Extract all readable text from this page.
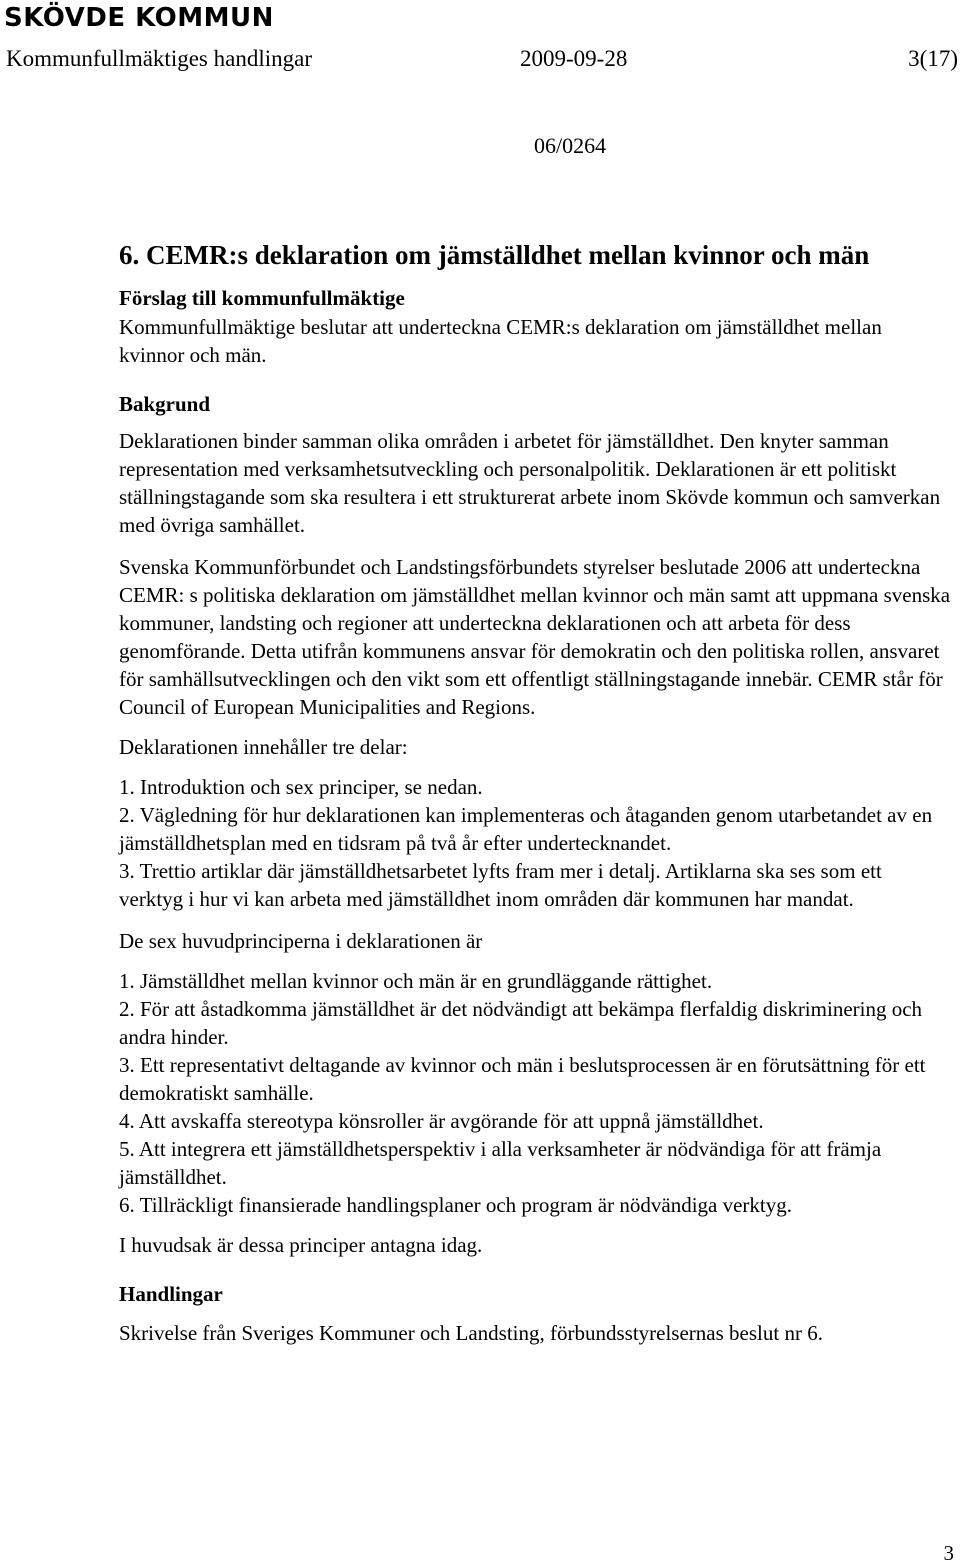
SKÖVDE KOMMUN
Kommunfullmäktiges handlingar	2009-09-28	3(17)
06/0264
6. CEMR:s deklaration om jämställdhet mellan kvinnor och män
Förslag till kommunfullmäktige

Kommunfullmäktige beslutar att underteckna CEMR:s deklaration om jämställdhet mellan kvinnor och män.

Bakgrund

Deklarationen binder samman olika områden i arbetet för jämställdhet. Den knyter samman representation med verksamhetsutveckling och personalpolitik. Deklarationen är ett politiskt ställningstagande som ska resultera i ett strukturerat arbete inom Skövde kommun och samverkan med övriga samhället.

Svenska Kommunförbundet och Landstingsförbundets styrelser beslutade 2006 att underteckna CEMR: s politiska deklaration om jämställdhet mellan kvinnor och män samt att uppmana svenska kommuner, landsting och regioner att underteckna deklarationen och att arbeta för dess genomförande. Detta utifrån kommunens ansvar för demokratin och den politiska rollen, ansvaret för samhällsutvecklingen och den vikt som ett offentligt ställningstagande innebär. CEMR står för Council of European Municipalities and Regions.

Deklarationen innehåller tre delar:

1. Introduktion och sex principer, se nedan.

2. Vägledning för hur deklarationen kan implementeras och åtaganden genom utarbetandet av en jämställdhetsplan med en tidsram på två år efter undertecknandet.

3. Trettio artiklar där jämställdhetsarbetet lyfts fram mer i detalj. Artiklarna ska ses som ett verktyg i hur vi kan arbeta med jämställdhet inom områden där kommunen har mandat.

De sex huvudprinciperna i deklarationen är

1. Jämställdhet mellan kvinnor och män är en grundläggande rättighet.

2. För att åstadkomma jämställdhet är det nödvändigt att bekämpa flerfaldig diskriminering och andra hinder.

3. Ett representativt deltagande av kvinnor och män i beslutsprocessen är en förutsättning för ett demokratiskt samhälle.

4. Att avskaffa stereotypa könsroller är avgörande för att uppnå jämställdhet.

5. Att integrera ett jämställdhetsperspektiv i alla verksamheter är nödvändiga för att främja jämställdhet.

6. Tillräckligt finansierade handlingsplaner och program är nödvändiga verktyg.

I huvudsak är dessa principer antagna idag.

Handlingar

Skrivelse från Sveriges Kommuner och Landsting, förbundsstyrelsernas beslut nr 6.

3
